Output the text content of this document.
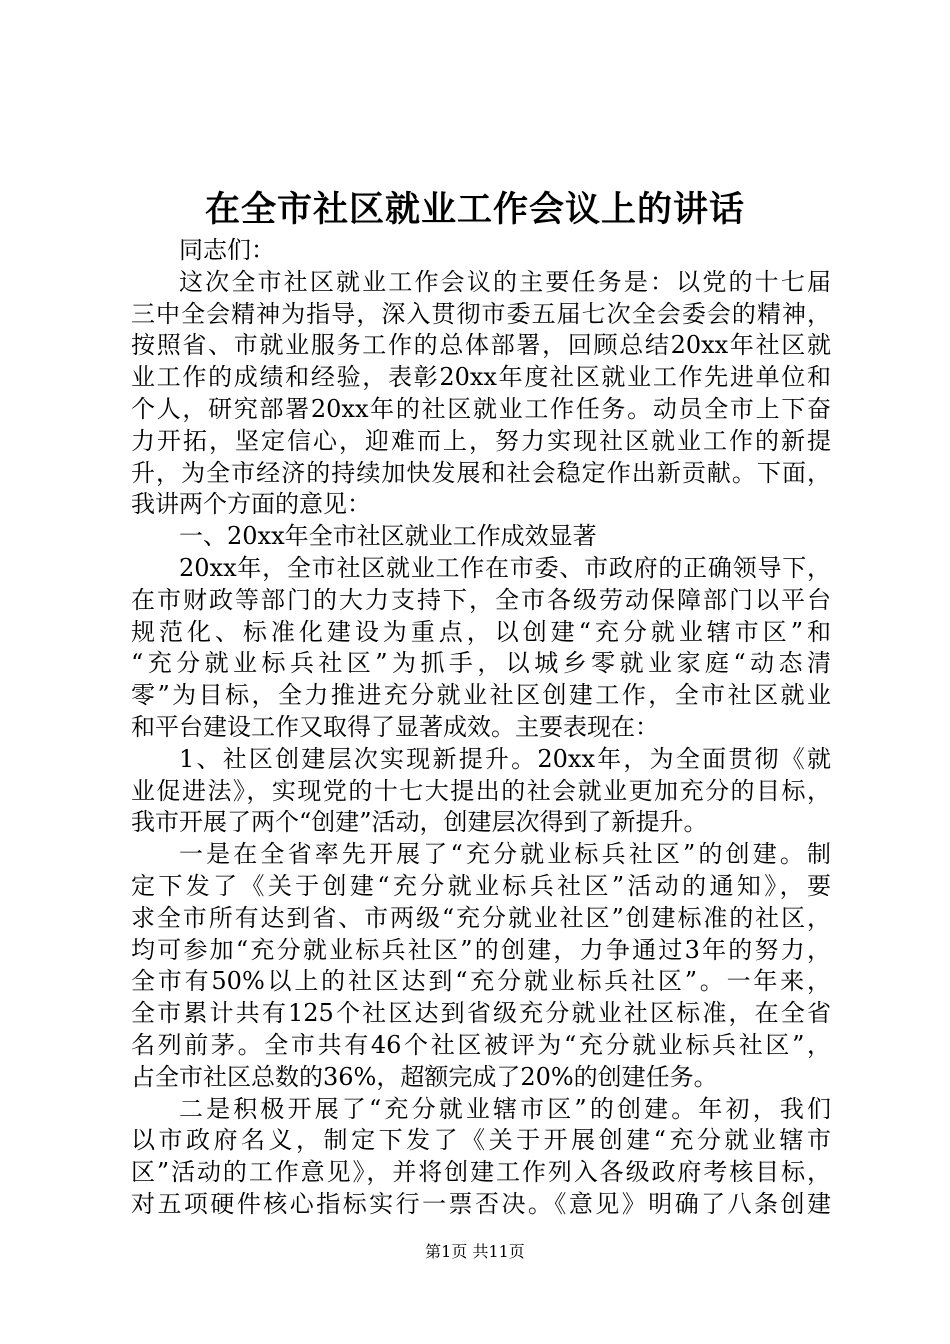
在全市社区就业工作会议上的讲话
同志们：
这次全市社区就业工作会议的主要任务是：以党的十七届
三中全会精神为指导，深入贯彻市委五届七次全会委会的精神，
按照省、市就业服务工作的总体部署，回顾总结20xx年社区就
业工作的成绩和经验，表彰20xx年度社区就业工作先进单位和
个人，研究部署20xx年的社区就业工作任务。动员全市上下奋
力开拓，坚定信心，迎难而上，努力实现社区就业工作的新提
升，为全市经济的持续加快发展和社会稳定作出新贡献。下面，
我讲两个方面的意见：
一、20xx年全市社区就业工作成效显著
20xx年，全市社区就业工作在市委、市政府的正确领导下，
在市财政等部门的大力支持下，全市各级劳动保障部门以平台
规范化、标准化建设为重点，以创建“充分就业辖市区”和
“充分就业标兵社区”为抓手，以城乡零就业家庭“动态清
零”为目标，全力推进充分就业社区创建工作，全市社区就业
和平台建设工作又取得了显著成效。主要表现在：
1、社区创建层次实现新提升。20xx年，为全面贯彻《就
业促进法》，实现党的十七大提出的社会就业更加充分的目标，
我市开展了两个“创建”活动，创建层次得到了新提升。
一是在全省率先开展了“充分就业标兵社区”的创建。制
定下发了《关于创建“充分就业标兵社区”活动的通知》，要
求全市所有达到省、市两级“充分就业社区”创建标准的社区，
均可参加“充分就业标兵社区”的创建，力争通过3年的努力，
全市有50%以上的社区达到“充分就业标兵社区”。一年来，
全市累计共有125个社区达到省级充分就业社区标准，在全省
名列前茅。全市共有46个社区被评为“充分就业标兵社区”，
占全市社区总数的36%，超额完成了20%的创建任务。
二是积极开展了“充分就业辖市区”的创建。年初，我们
以市政府名义，制定下发了《关于开展创建“充分就业辖市
区”活动的工作意见》，并将创建工作列入各级政府考核目标，
对五项硬件核心指标实行一票否决。《意见》明确了八条创建
第1页 共11页
